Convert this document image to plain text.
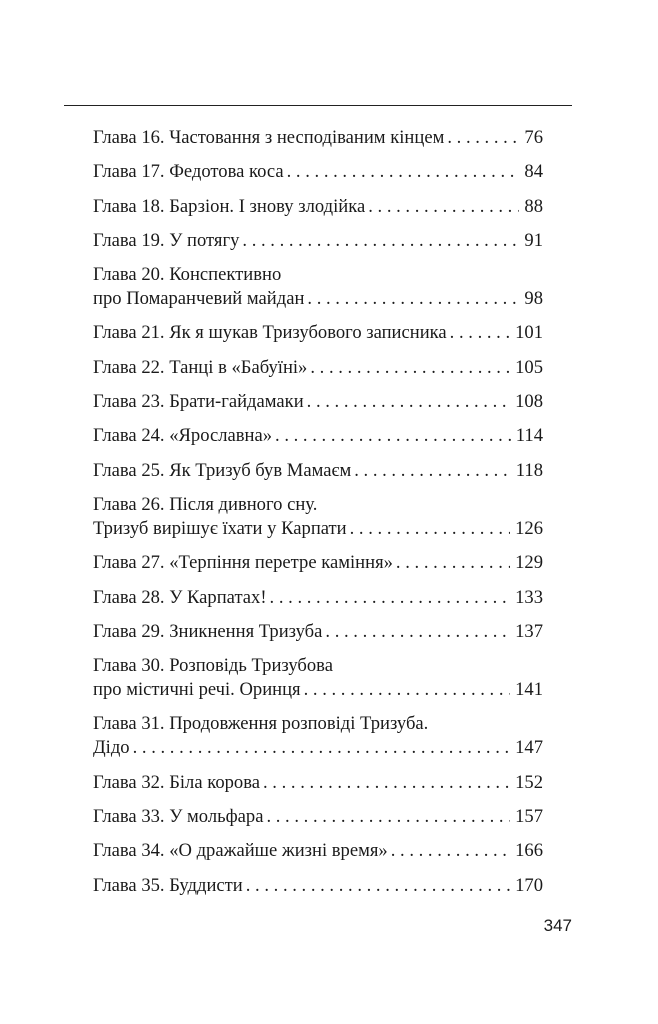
Глава 16. Частовання з несподіваним кінцем . . .	76
Глава 17. Федотова коса . . .	84
Глава 18. Барзіон. І знову злодійка . . .	88
Глава 19. У потягу . . .	91
Глава 20. Конспективно
про Помаранчевий майдан . . .	98
Глава 21. Як я шукав Тризубового записника . . .	101
Глава 22. Танці в «Бабуїні» . . .	105
Глава 23. Брати-гайдамаки . . .	108
Глава 24. «Ярославна» . . .	114
Глава 25. Як Тризуб був Мамаєм . . .	118
Глава 26. Після дивного сну.
Тризуб вирішує їхати у Карпати . . .	126
Глава 27. «Терпіння перетре каміння» . . .	129
Глава 28. У Карпатах! . . .	133
Глава 29. Зникнення Тризуба . . .	137
Глава 30. Розповідь Тризубова
про містичні речі. Оринця . . .	141
Глава 31. Продовження розповіді Тризуба.
Дідо . . .	147
Глава 32. Біла корова . . .	152
Глава 33. У мольфара . . .	157
Глава 34. «О дражайше жизні время» . . .	166
Глава 35. Буддисти . . .	170
347
